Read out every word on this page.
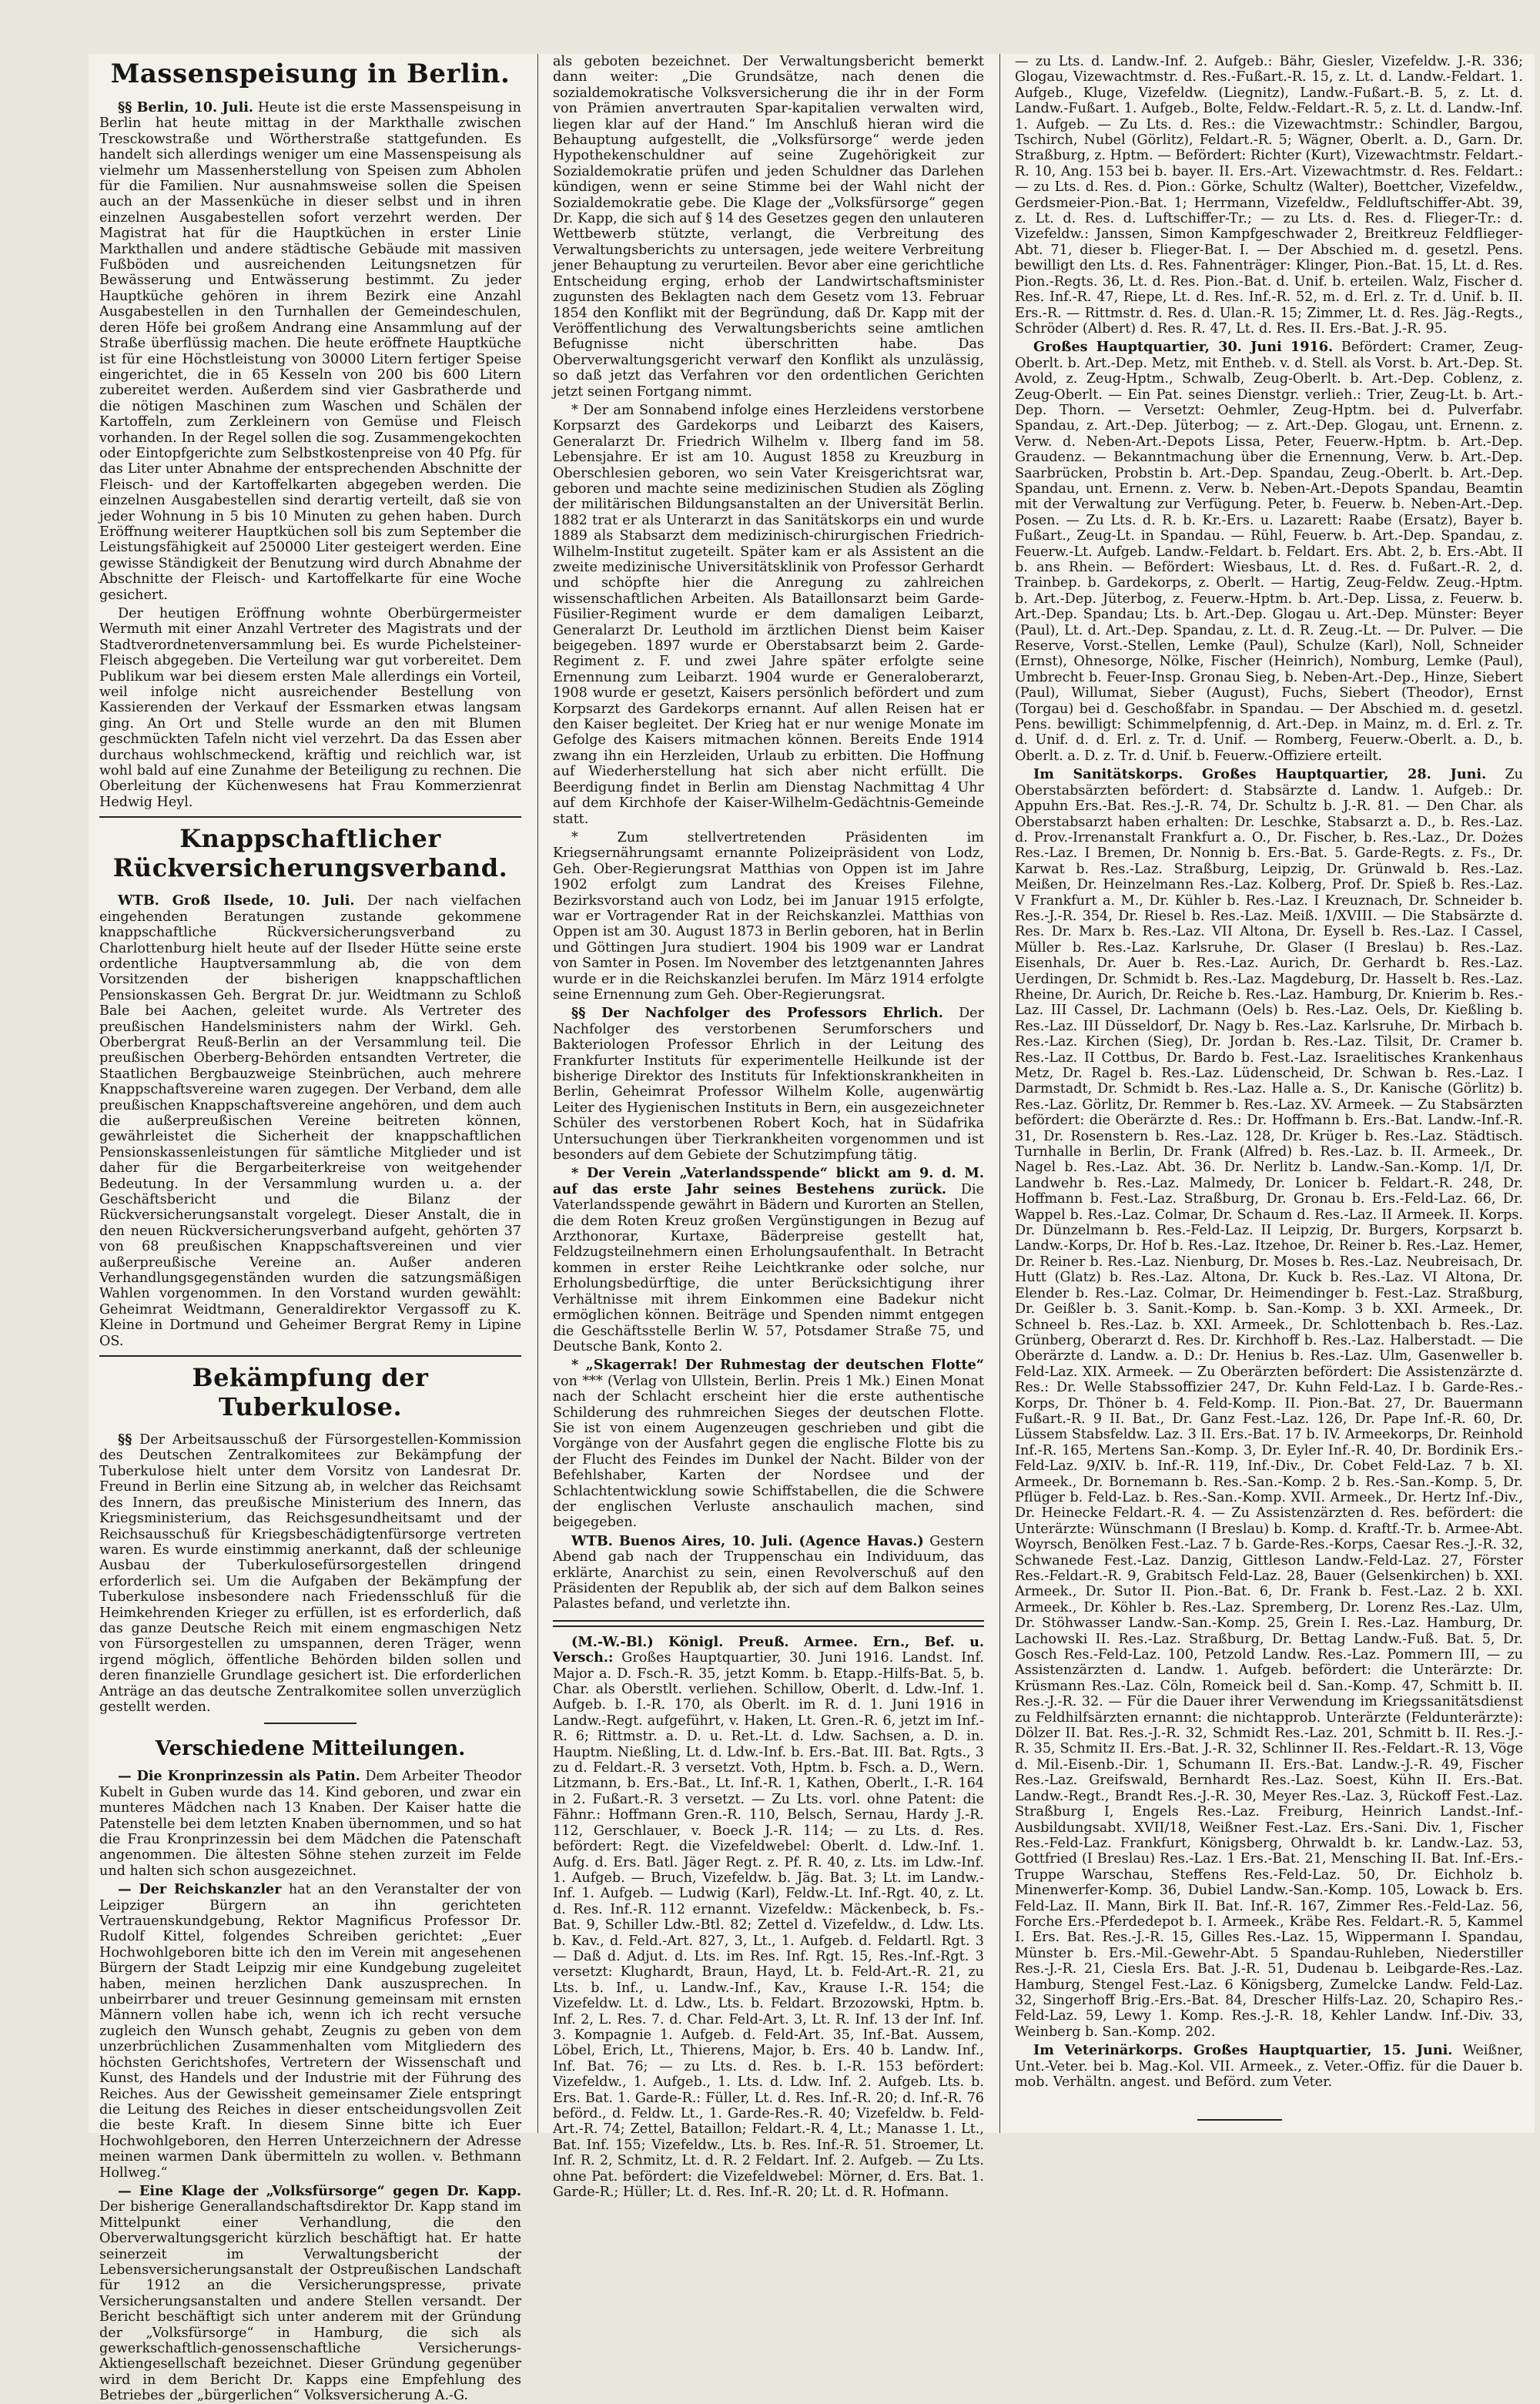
Massenspeisung in Berlin.

§§ Berlin, 10. Juli. Heute ist die erste Massenspeisung in Berlin hat heute mittag in der Markthalle zwischen Tresckowstraße und Wörtherstraße stattgefunden. Es handelt sich allerdings weniger um eine Massenspeisung als vielmehr um Massenherstellung von Speisen zum Abholen für die Familien. Nur ausnahmsweise sollen die Speisen auch an der Massenküche in dieser selbst und in ihren einzelnen Ausgabestellen sofort verzehrt werden. Der Magistrat hat für die Hauptküchen in erster Linie Markthallen und andere städtische Gebäude mit massiven Fußböden und ausreichenden Leitungsnetzen für Bewässerung und Entwässerung bestimmt. Zu jeder Hauptküche gehören in ihrem Bezirk eine Anzahl Ausgabestellen in den Turnhallen der Gemeindeschulen, deren Höfe bei großem Andrang eine Ansammlung auf der Straße überflüssig machen. Die heute eröffnete Hauptküche ist für eine Höchstleistung von 30000 Litern fertiger Speise eingerichtet, die in 65 Kesseln von 200 bis 600 Litern zubereitet werden. Außerdem sind vier Gasbratherde und die nötigen Maschinen zum Waschen und Schälen der Kartoffeln, zum Zerkleinern von Gemüse und Fleisch vorhanden. In der Regel sollen die sog. Zusammengekochten oder Eintopfgerichte zum Selbstkostenpreise von 40 Pfg. für das Liter unter Abnahme der entsprechenden Abschnitte der Fleisch- und der Kartoffelkarten abgegeben werden. Die einzelnen Ausgabestellen sind derartig verteilt, daß sie von jeder Wohnung in 5 bis 10 Minuten zu gehen haben. Durch Eröffnung weiterer Hauptküchen soll bis zum September die Leistungsfähigkeit auf 250000 Liter gesteigert werden. Eine gewisse Ständigkeit der Benutzung wird durch Abnahme der Abschnitte der Fleisch- und Kartoffelkarte für eine Woche gesichert.

Der heutigen Eröffnung wohnte Oberbürgermeister Wermuth mit einer Anzahl Vertreter des Magistrats und der Stadtverordnetenversammlung bei. Es wurde Pichelsteiner-Fleisch abgegeben. Die Verteilung war gut vorbereitet. Dem Publikum war bei diesem ersten Male allerdings ein Vorteil, weil infolge nicht ausreichender Bestellung von Kassierenden der Verkauf der Essmarken etwas langsam ging. An Ort und Stelle wurde an den mit Blumen geschmückten Tafeln nicht viel verzehrt. Da das Essen aber durchaus wohlschmeckend, kräftig und reichlich war, ist wohl bald auf eine Zunahme der Beteiligung zu rechnen. Die Oberleitung der Küchenwesens hat Frau Kommerzienrat Hedwig Heyl.

Knappschaftlicher Rückversicherungsverband.

WTB. Groß Ilsede, 10. Juli. Der nach vielfachen eingehenden Beratungen zustande gekommene knappschaftliche Rückversicherungsverband zu Charlottenburg hielt heute auf der Ilseder Hütte seine erste ordentliche Hauptversammlung ab, die von dem Vorsitzenden der bisherigen knappschaftlichen Pensionskassen Geh. Bergrat Dr. jur. Weidtmann zu Schloß Bale bei Aachen, geleitet wurde. Als Vertreter des preußischen Handelsministers nahm der Wirkl. Geh. Oberbergrat Reuß-Berlin an der Versammlung teil. Die preußischen Oberberg-Behörden entsandten Vertreter, die Staatlichen Bergbauzweige Steinbrüchen, auch mehrere Knappschaftsvereine waren zugegen. Der Verband, dem alle preußischen Knappschaftsvereine angehören, und dem auch die außerpreußischen Vereine beitreten können, gewährleistet die Sicherheit der knappschaftlichen Pensionskassenleistungen für sämtliche Mitglieder und ist daher für die Bergarbeiterkreise von weitgehender Bedeutung. In der Versammlung wurden u. a. der Geschäftsbericht und die Bilanz der Rückversicherungsanstalt vorgelegt. Dieser Anstalt, die in den neuen Rückversicherungsverband aufgeht, gehörten 37 von 68 preußischen Knappschaftsvereinen und vier außerpreußische Vereine an. Außer anderen Verhandlungsgegenständen wurden die satzungsmäßigen Wahlen vorgenommen. In den Vorstand wurden gewählt: Geheimrat Weidtmann, Generaldirektor Vergassoff zu K. Kleine in Dortmund und Geheimer Bergrat Remy in Lipine OS.

Bekämpfung der Tuberkulose.

§§ Der Arbeitsausschuß der Fürsorgestellen-Kommission des Deutschen Zentralkomitees zur Bekämpfung der Tuberkulose hielt unter dem Vorsitz von Landesrat Dr. Freund in Berlin eine Sitzung ab, in welcher das Reichsamt des Innern, das preußische Ministerium des Innern, das Kriegsministerium, das Reichsgesundheitsamt und der Reichsausschuß für Kriegsbeschädigtenfürsorge vertreten waren. Es wurde einstimmig anerkannt, daß der schleunige Ausbau der Tuberkulosefürsorgestellen dringend erforderlich sei. Um die Aufgaben der Bekämpfung der Tuberkulose insbesondere nach Friedensschluß für die Heimkehrenden Krieger zu erfüllen, ist es erforderlich, daß das ganze Deutsche Reich mit einem engmaschigen Netz von Fürsorgestellen zu umspannen, deren Träger, wenn irgend möglich, öffentliche Behörden bilden sollen und deren finanzielle Grundlage gesichert ist. Die erforderlichen Anträge an das deutsche Zentralkomitee sollen unverzüglich gestellt werden.

Verschiedene Mitteilungen.

— Die Kronprinzessin als Patin. Dem Arbeiter Theodor Kubelt in Guben wurde das 14. Kind geboren, und zwar ein munteres Mädchen nach 13 Knaben. Der Kaiser hatte die Patenstelle bei dem letzten Knaben übernommen, und so hat die Frau Kronprinzessin bei dem Mädchen die Patenschaft angenommen. Die ältesten Söhne stehen zurzeit im Felde und halten sich schon ausgezeichnet.

— Der Reichskanzler hat an den Veranstalter der von Leipziger Bürgern an ihn gerichteten Vertrauenskundgebung, Rektor Magnificus Professor Dr. Rudolf Kittel, folgendes Schreiben gerichtet: „Euer Hochwohlgeboren bitte ich den im Verein mit angesehenen Bürgern der Stadt Leipzig mir eine Kundgebung zugeleitet haben, meinen herzlichen Dank auszusprechen. In unbeirrbarer und treuer Gesinnung gemeinsam mit ernsten Männern vollen habe ich, wenn ich ich recht versuche zugleich den Wunsch gehabt, Zeugnis zu geben von dem unzerbrüchlichen Zusammenhalten vom Mitgliedern des höchsten Gerichtshofes, Vertretern der Wissenschaft und Kunst, des Handels und der Industrie mit der Führung des Reiches. Aus der Gewissheit gemeinsamer Ziele entspringt die Leitung des Reiches in dieser entscheidungsvollen Zeit die beste Kraft. In diesem Sinne bitte ich Euer Hochwohlgeboren, den Herren Unterzeichnern der Adresse meinen warmen Dank übermitteln zu wollen. v. Bethmann Hollweg.“

— Eine Klage der „Volksfürsorge“ gegen Dr. Kapp. Der bisherige Generallandschaftsdirektor Dr. Kapp stand im Mittelpunkt einer Verhandlung, die den Oberverwaltungsgericht kürzlich beschäftigt hat. Er hatte seinerzeit im Verwaltungsbericht der Lebensversicherungsanstalt der Ostpreußischen Landschaft für 1912 an die Versicherungspresse, private Versicherungsanstalten und andere Stellen versandt. Der Bericht beschäftigt sich unter anderem mit der Gründung der „Volksfürsorge“ in Hamburg, die sich als gewerkschaftlich-genossenschaftliche Versicherungs-Aktiengesellschaft bezeichnet. Dieser Gründung gegenüber wird in dem Bericht Dr. Kapps eine Empfehlung des Betriebes der „bürgerlichen“ Volksversicherung A.-G.

als geboten bezeichnet. Der Verwaltungsbericht bemerkt dann weiter: „Die Grundsätze, nach denen die sozialdemokratische Volksversicherung die ihr in der Form von Prämien anvertrauten Spar-kapitalien verwalten wird, liegen klar auf der Hand.“ Im Anschluß hieran wird die Behauptung aufgestellt, die „Volksfürsorge“ werde jeden Hypothekenschuldner auf seine Zugehörigkeit zur Sozialdemokratie prüfen und jeden Schuldner das Darlehen kündigen, wenn er seine Stimme bei der Wahl nicht der Sozialdemokratie gebe. Die Klage der „Volksfürsorge“ gegen Dr. Kapp, die sich auf § 14 des Gesetzes gegen den unlauteren Wettbewerb stützte, verlangt, die Verbreitung des Verwaltungsberichts zu untersagen, jede weitere Verbreitung jener Behauptung zu verurteilen. Bevor aber eine gerichtliche Entscheidung erging, erhob der Landwirtschaftsminister zugunsten des Beklagten nach dem Gesetz vom 13. Februar 1854 den Konflikt mit der Begründung, daß Dr. Kapp mit der Veröffentlichung des Verwaltungsberichts seine amtlichen Befugnisse nicht überschritten habe. Das Oberverwaltungsgericht verwarf den Konflikt als unzulässig, so daß jetzt das Verfahren vor den ordentlichen Gerichten jetzt seinen Fortgang nimmt.

* Der am Sonnabend infolge eines Herzleidens verstorbene Korpsarzt des Gardekorps und Leibarzt des Kaisers, Generalarzt Dr. Friedrich Wilhelm v. Ilberg fand im 58. Lebensjahre. Er ist am 10. August 1858 zu Kreuzburg in Oberschlesien geboren, wo sein Vater Kreisgerichtsrat war, geboren und machte seine medizinischen Studien als Zögling der militärischen Bildungsanstalten an der Universität Berlin. 1882 trat er als Unterarzt in das Sanitätskorps ein und wurde 1889 als Stabsarzt dem medizinisch-chirurgischen Friedrich-Wilhelm-Institut zugeteilt. Später kam er als Assistent an die zweite medizinische Universitätsklinik von Professor Gerhardt und schöpfte hier die Anregung zu zahlreichen wissenschaftlichen Arbeiten. Als Bataillonsarzt beim Garde-Füsilier-Regiment wurde er dem damaligen Leibarzt, Generalarzt Dr. Leuthold im ärztlichen Dienst beim Kaiser beigegeben. 1897 wurde er Oberstabsarzt beim 2. Garde-Regiment z. F. und zwei Jahre später erfolgte seine Ernennung zum Leibarzt. 1904 wurde er Generaloberarzt, 1908 wurde er gesetzt, Kaisers persönlich befördert und zum Korpsarzt des Gardekorps ernannt. Auf allen Reisen hat er den Kaiser begleitet. Der Krieg hat er nur wenige Monate im Gefolge des Kaisers mitmachen können. Bereits Ende 1914 zwang ihn ein Herzleiden, Urlaub zu erbitten. Die Hoffnung auf Wiederherstellung hat sich aber nicht erfüllt. Die Beerdigung findet in Berlin am Dienstag Nachmittag 4 Uhr auf dem Kirchhofe der Kaiser-Wilhelm-Gedächtnis-Gemeinde statt.

* Zum stellvertretenden Präsidenten im Kriegsernährungsamt ernannte Polizeipräsident von Lodz, Geh. Ober-Regierungsrat Matthias von Oppen ist im Jahre 1902 erfolgt zum Landrat des Kreises Filehne, Bezirksvorstand auch von Lodz, bei im Januar 1915 erfolgte, war er Vortragender Rat in der Reichskanzlei. Matthias von Oppen ist am 30. August 1873 in Berlin geboren, hat in Berlin und Göttingen Jura studiert. 1904 bis 1909 war er Landrat von Samter in Posen. Im November des letztgenannten Jahres wurde er in die Reichskanzlei berufen. Im März 1914 erfolgte seine Ernennung zum Geh. Ober-Regierungsrat.

§§ Der Nachfolger des Professors Ehrlich. Der Nachfolger des verstorbenen Serumforschers und Bakteriologen Professor Ehrlich in der Leitung des Frankfurter Instituts für experimentelle Heilkunde ist der bisherige Direktor des Instituts für Infektionskrankheiten in Berlin, Geheimrat Professor Wilhelm Kolle, augenwärtig Leiter des Hygienischen Instituts in Bern, ein ausgezeichneter Schüler des verstorbenen Robert Koch, hat in Südafrika Untersuchungen über Tierkrankheiten vorgenommen und ist besonders auf dem Gebiete der Schutzimpfung tätig.

* Der Verein „Vaterlandsspende“ blickt am 9. d. M. auf das erste Jahr seines Bestehens zurück. Die Vaterlandsspende gewährt in Bädern und Kurorten an Stellen, die dem Roten Kreuz großen Vergünstigungen in Bezug auf Arzthonorar, Kurtaxe, Bäderpreise gestellt hat, Feldzugsteilnehmern einen Erholungsaufenthalt. In Betracht kommen in erster Reihe Leichtkranke oder solche, nur Erholungsbedürftige, die unter Berücksichtigung ihrer Verhältnisse mit ihrem Einkommen eine Badekur nicht ermöglichen können. Beiträge und Spenden nimmt entgegen die Geschäftsstelle Berlin W. 57, Potsdamer Straße 75, und Deutsche Bank, Konto 2.

* „Skagerrak! Der Ruhmestag der deutschen Flotte“ von *** (Verlag von Ullstein, Berlin. Preis 1 Mk.) Einen Monat nach der Schlacht erscheint hier die erste authentische Schilderung des ruhmreichen Sieges der deutschen Flotte. Sie ist von einem Augenzeugen geschrieben und gibt die Vorgänge von der Ausfahrt gegen die englische Flotte bis zu der Flucht des Feindes im Dunkel der Nacht. Bilder von der Befehlshaber, Karten der Nordsee und der Schlachtentwicklung sowie Schiffstabellen, die die Schwere der englischen Verluste anschaulich machen, sind beigegeben.

WTB. Buenos Aires, 10. Juli. (Agence Havas.) Gestern Abend gab nach der Truppenschau ein Individuum, das erklärte, Anarchist zu sein, einen Revolverschuß auf den Präsidenten der Republik ab, der sich auf dem Balkon seines Palastes befand, und verletzte ihn.

(M.-W.-Bl.) Königl. Preuß. Armee. Ern., Bef. u. Versch.: Großes Hauptquartier, 30. Juni 1916. Landst. Inf. Major a. D. Fsch.-R. 35, jetzt Komm. b. Etapp.-Hilfs-Bat. 5, b. Char. als Oberstlt. verliehen. Schillow, Oberlt. d. Ldw.-Inf. 1. Aufgeb. b. I.-R. 170, als Oberlt. im R. d. 1. Juni 1916 in Landw.-Regt. aufgeführt, v. Haken, Lt. Gren.-R. 6, jetzt im Inf.-R. 6; Rittmstr. a. D. u. Ret.-Lt. d. Ldw. Sachsen, a. D. in. Hauptm. Nießling, Lt. d. Ldw.-Inf. b. Ers.-Bat. III. Bat. Rgts., 3 zu d. Feldart.-R. 3 versetzt. Voth, Hptm. b. Fsch. a. D., Wern. Litzmann, b. Ers.-Bat., Lt. Inf.-R. 1, Kathen, Oberlt., I.-R. 164 in 2. Fußart.-R. 3 versetzt. — Zu Lts. vorl. ohne Patent: die Fähnr.: Hoffmann Gren.-R. 110, Belsch, Sernau, Hardy J.-R. 112, Gerschlauer, v. Boeck J.-R. 114; — zu Lts. d. Res. befördert: Regt. die Vizefeldwebel: Oberlt. d. Ldw.-Inf. 1. Aufg. d. Ers. Batl. Jäger Regt. z. Pf. R. 40, z. Lts. im Ldw.-Inf. 1. Aufgeb. — Bruch, Vizefeldw. b. Jäg. Bat. 3; Lt. im Landw.-Inf. 1. Aufgeb. — Ludwig (Karl), Feldw.-Lt. Inf.-Rgt. 40, z. Lt. d. Res. Inf.-R. 112 ernannt. Vizefeldw.: Mäckenbeck, b. Fs.-Bat. 9, Schiller Ldw.-Btl. 82; Zettel d. Vizefeldw., d. Ldw. Lts. b. Kav., d. Feld.-Art. 827, 3, Lt., 1. Aufgeb. d. Feldartl. Rgt. 3 — Daß d. Adjut. d. Lts. im Res. Inf. Rgt. 15, Res.-Inf.-Rgt. 3 versetzt: Klughardt, Braun, Hayd, Lt. b. Feld-Art.-R. 21, zu Lts. b. Inf., u. Landw.-Inf., Kav., Krause I.-R. 154; die Vizefeldw. Lt. d. Ldw., Lts. b. Feldart. Brzozowski, Hptm. b. Inf. 2, L. Res. 7. d. Char. Feld-Art. 3, Lt. R. Inf. 13 der Inf. Inf. 3. Kompagnie 1. Aufgeb. d. Feld-Art. 35, Inf.-Bat. Aussem, Löbel, Erich, Lt., Thierens, Major, b. Ers. 40 b. Landw. Inf., Inf. Bat. 76; — zu Lts. d. Res. b. I.-R. 153 befördert: Vizefeldw., 1. Aufgeb., 1. Lts. d. Ldw. Inf. 2. Aufgeb. Lts. b. Ers. Bat. 1. Garde-R.: Füller, Lt. d. Res. Inf.-R. 20; d. Inf.-R. 76 beförd., d. Feldw. Lt., 1. Garde-Res.-R. 40; Vizefeldw. b. Feld-Art.-R. 74; Zettel, Bataillon; Feldart.-R. 4, Lt.; Manasse 1. Lt., Bat. Inf. 155; Vizefeldw., Lts. b. Res. Inf.-R. 51. Stroemer, Lt. Inf. R. 2, Schmitz, Lt. d. R. 2 Feldart. Inf. 2. Aufgeb. — Zu Lts. ohne Pat. befördert: die Vizefeldwebel: Mörner, d. Ers. Bat. 1. Garde-R.; Hüller; Lt. d. Res. Inf.-R. 20; Lt. d. R. Hofmann.

— zu Lts. d. Landw.-Inf. 2. Aufgeb.: Bähr, Giesler, Vizefeldw. J.-R. 336; Glogau, Vizewachtmstr. d. Res.-Fußart.-R. 15, z. Lt. d. Landw.-Feldart. 1. Aufgeb., Kluge, Vizefeldw. (Liegnitz), Landw.-Fußart.-B. 5, z. Lt. d. Landw.-Fußart. 1. Aufgeb., Bolte, Feldw.-Feldart.-R. 5, z. Lt. d. Landw.-Inf. 1. Aufgeb. — Zu Lts. d. Res.: die Vizewachtmstr.: Schindler, Bargou, Tschirch, Nubel (Görlitz), Feldart.-R. 5; Wägner, Oberlt. a. D., Garn. Dr. Straßburg, z. Hptm. — Befördert: Richter (Kurt), Vizewachtmstr. Feldart.-R. 10, Ang. 153 bei b. bayer. II. Ers.-Art. Vizewachtmstr. d. Res. Feldart.: — zu Lts. d. Res. d. Pion.: Görke, Schultz (Walter), Boettcher, Vizefeldw., Gerdsmeier-Pion.-Bat. 1; Herrmann, Vizefeldw., Feldluftschiffer-Abt. 39, z. Lt. d. Res. d. Luftschiffer-Tr.; — zu Lts. d. Res. d. Flieger-Tr.: d. Vizefeldw.: Janssen, Simon Kampfgeschwader 2, Breitkreuz Feldflieger-Abt. 71, dieser b. Flieger-Bat. I. — Der Abschied m. d. gesetzl. Pens. bewilligt den Lts. d. Res. Fahnenträger: Klinger, Pion.-Bat. 15, Lt. d. Res. Pion.-Regts. 36, Lt. d. Res. Pion.-Bat. d. Unif. b. erteilen. Walz, Fischer d. Res. Inf.-R. 47, Riepe, Lt. d. Res. Inf.-R. 52, m. d. Erl. z. Tr. d. Unif. b. II. Ers.-R. — Rittmstr. d. Res. d. Ulan.-R. 15; Zimmer, Lt. d. Res. Jäg.-Regts., Schröder (Albert) d. Res. R. 47, Lt. d. Res. II. Ers.-Bat. J.-R. 95.

Großes Hauptquartier, 30. Juni 1916. Befördert: Cramer, Zeug-Oberlt. b. Art.-Dep. Metz, mit Entheb. v. d. Stell. als Vorst. b. Art.-Dep. St. Avold, z. Zeug-Hptm., Schwalb, Zeug-Oberlt. b. Art.-Dep. Coblenz, z. Zeug-Oberlt. — Ein Pat. seines Dienstgr. verlieh.: Trier, Zeug-Lt. b. Art.-Dep. Thorn. — Versetzt: Oehmler, Zeug-Hptm. bei d. Pulverfabr. Spandau, z. Art.-Dep. Jüterbog; — z. Art.-Dep. Glogau, unt. Ernenn. z. Verw. d. Neben-Art.-Depots Lissa, Peter, Feuerw.-Hptm. b. Art.-Dep. Graudenz. — Bekanntmachung über die Ernennung, Verw. b. Art.-Dep. Saarbrücken, Probstin b. Art.-Dep. Spandau, Zeug.-Oberlt. b. Art.-Dep. Spandau, unt. Ernenn. z. Verw. b. Neben-Art.-Depots Spandau, Beamtin mit der Verwaltung zur Verfügung. Peter, b. Feuerw. b. Neben-Art.-Dep. Posen. — Zu Lts. d. R. b. Kr.-Ers. u. Lazarett: Raabe (Ersatz), Bayer b. Fußart., Zeug-Lt. in Spandau. — Rühl, Feuerw. b. Art.-Dep. Spandau, z. Feuerw.-Lt. Aufgeb. Landw.-Feldart. b. Feldart. Ers. Abt. 2, b. Ers.-Abt. II b. ans Rhein. — Befördert: Wiesbaus, Lt. d. Res. d. Fußart.-R. 2, d. Trainbep. b. Gardekorps, z. Oberlt. — Hartig, Zeug-Feldw. Zeug.-Hptm. b. Art.-Dep. Jüterbog, z. Feuerw.-Hptm. b. Art.-Dep. Lissa, z. Feuerw. b. Art.-Dep. Spandau; Lts. b. Art.-Dep. Glogau u. Art.-Dep. Münster: Beyer (Paul), Lt. d. Art.-Dep. Spandau, z. Lt. d. R. Zeug.-Lt. — Dr. Pulver. — Die Reserve, Vorst.-Stellen, Lemke (Paul), Schulze (Karl), Noll, Schneider (Ernst), Ohnesorge, Nölke, Fischer (Heinrich), Nomburg, Lemke (Paul), Umbrecht b. Feuer-Insp. Gronau Sieg, b. Neben-Art.-Dep., Hinze, Siebert (Paul), Willumat, Sieber (August), Fuchs, Siebert (Theodor), Ernst (Torgau) bei d. Geschoßfabr. in Spandau. — Der Abschied m. d. gesetzl. Pens. bewilligt: Schimmelpfennig, d. Art.-Dep. in Mainz, m. d. Erl. z. Tr. d. Unif. d. d. Erl. z. Tr. d. Unif. — Romberg, Feuerw.-Oberlt. a. D., b. Oberlt. a. D. z. Tr. d. Unif. b. Feuerw.-Offiziere erteilt.

Im Sanitätskorps. Großes Hauptquartier, 28. Juni. Zu Oberstabsärzten befördert: d. Stabsärzte d. Landw. 1. Aufgeb.: Dr. Appuhn Ers.-Bat. Res.-J.-R. 74, Dr. Schultz b. J.-R. 81. — Den Char. als Oberstabsarzt haben erhalten: Dr. Leschke, Stabsarzt a. D., b. Res.-Laz. d. Prov.-Irrenanstalt Frankfurt a. O., Dr. Fischer, b. Res.-Laz., Dr. Dożes Res.-Laz. I Bremen, Dr. Nonnig b. Ers.-Bat. 5. Garde-Regts. z. Fs., Dr. Karwat b. Res.-Laz. Straßburg, Leipzig, Dr. Grünwald b. Res.-Laz. Meißen, Dr. Heinzelmann Res.-Laz. Kolberg, Prof. Dr. Spieß b. Res.-Laz. V Frankfurt a. M., Dr. Kühler b. Res.-Laz. I Kreuznach, Dr. Schneider b. Res.-J.-R. 354, Dr. Riesel b. Res.-Laz. Meiß. 1/XVIII. — Die Stabsärzte d. Res. Dr. Marx b. Res.-Laz. VII Altona, Dr. Eysell b. Res.-Laz. I Cassel, Müller b. Res.-Laz. Karlsruhe, Dr. Glaser (I Breslau) b. Res.-Laz. Eisenhals, Dr. Auer b. Res.-Laz. Aurich, Dr. Gerhardt b. Res.-Laz. Uerdingen, Dr. Schmidt b. Res.-Laz. Magdeburg, Dr. Hasselt b. Res.-Laz. Rheine, Dr. Aurich, Dr. Reiche b. Res.-Laz. Hamburg, Dr. Knierim b. Res.-Laz. III Cassel, Dr. Lachmann (Oels) b. Res.-Laz. Oels, Dr. Kießling b. Res.-Laz. III Düsseldorf, Dr. Nagy b. Res.-Laz. Karlsruhe, Dr. Mirbach b. Res.-Laz. Kirchen (Sieg), Dr. Jordan b. Res.-Laz. Tilsit, Dr. Cramer b. Res.-Laz. II Cottbus, Dr. Bardo b. Fest.-Laz. Israelitisches Krankenhaus Metz, Dr. Ragel b. Res.-Laz. Lüdenscheid, Dr. Schwan b. Res.-Laz. I Darmstadt, Dr. Schmidt b. Res.-Laz. Halle a. S., Dr. Kanische (Görlitz) b. Res.-Laz. Görlitz, Dr. Remmer b. Res.-Laz. XV. Armeek. — Zu Stabsärzten befördert: die Oberärzte d. Res.: Dr. Hoffmann b. Ers.-Bat. Landw.-Inf.-R. 31, Dr. Rosenstern b. Res.-Laz. 128, Dr. Krüger b. Res.-Laz. Städtisch. Turnhalle in Berlin, Dr. Frank (Alfred) b. Res.-Laz. b. II. Armeek., Dr. Nagel b. Res.-Laz. Abt. 36. Dr. Nerlitz b. Landw.-San.-Komp. 1/I, Dr. Landwehr b. Res.-Laz. Malmedy, Dr. Lonicer b. Feldart.-R. 248, Dr. Hoffmann b. Fest.-Laz. Straßburg, Dr. Gronau b. Ers.-Feld-Laz. 66, Dr. Wappel b. Res.-Laz. Colmar, Dr. Schaum d. Res.-Laz. II Armeek. II. Korps. Dr. Dünzelmann b. Res.-Feld-Laz. II Leipzig, Dr. Burgers, Korpsarzt b. Landw.-Korps, Dr. Hof b. Res.-Laz. Itzehoe, Dr. Reiner b. Res.-Laz. Hemer, Dr. Reiner b. Res.-Laz. Nienburg, Dr. Moses b. Res.-Laz. Neubreisach, Dr. Hutt (Glatz) b. Res.-Laz. Altona, Dr. Kuck b. Res.-Laz. VI Altona, Dr. Elender b. Res.-Laz. Colmar, Dr. Heimendinger b. Fest.-Laz. Straßburg, Dr. Geißler b. 3. Sanit.-Komp. b. San.-Komp. 3 b. XXI. Armeek., Dr. Schneel b. Res.-Laz. b. XXI. Armeek., Dr. Schlottenbach b. Res.-Laz. Grünberg, Oberarzt d. Res. Dr. Kirchhoff b. Res.-Laz. Halberstadt. — Die Oberärzte d. Landw. a. D.: Dr. Henius b. Res.-Laz. Ulm, Gasenweller b. Feld-Laz. XIX. Armeek. — Zu Oberärzten befördert: Die Assistenzärzte d. Res.: Dr. Welle Stabssoffizier 247, Dr. Kuhn Feld-Laz. I b. Garde-Res.-Korps, Dr. Thöner b. 4. Feld-Komp. II. Pion.-Bat. 27, Dr. Bauermann Fußart.-R. 9 II. Bat., Dr. Ganz Fest.-Laz. 126, Dr. Pape Inf.-R. 60, Dr. Lüssem Stabsfeldw. Laz. 3 II. Ers.-Bat. 17 b. IV. Armeekorps, Dr. Reinhold Inf.-R. 165, Mertens San.-Komp. 3, Dr. Eyler Inf.-R. 40, Dr. Bordinik Ers.-Feld-Laz. 9/XIV. b. Inf.-R. 119, Inf.-Div., Dr. Cobet Feld-Laz. 7 b. XI. Armeek., Dr. Bornemann b. Res.-San.-Komp. 2 b. Res.-San.-Komp. 5, Dr. Pflüger b. Feld-Laz. b. Res.-San.-Komp. XVII. Armeek., Dr. Hertz Inf.-Div., Dr. Heinecke Feldart.-R. 4. — Zu Assistenzärzten d. Res. befördert: die Unterärzte: Wünschmann (I Breslau) b. Komp. d. Kraftf.-Tr. b. Armee-Abt. Woyrsch, Benölken Fest.-Laz. 7 b. Garde-Res.-Korps, Caesar Res.-J.-R. 32, Schwanede Fest.-Laz. Danzig, Gittleson Landw.-Feld-Laz. 27, Förster Res.-Feldart.-R. 9, Grabitsch Feld-Laz. 28, Bauer (Gelsenkirchen) b. XXI. Armeek., Dr. Sutor II. Pion.-Bat. 6, Dr. Frank b. Fest.-Laz. 2 b. XXI. Armeek., Dr. Köhler b. Res.-Laz. Spremberg, Dr. Lorenz Res.-Laz. Ulm, Dr. Stöhwasser Landw.-San.-Komp. 25, Grein I. Res.-Laz. Hamburg, Dr. Lachowski II. Res.-Laz. Straßburg, Dr. Bettag Landw.-Fuß. Bat. 5, Dr. Gosch Res.-Feld-Laz. 100, Petzold Landw. Res.-Laz. Pommern III, — zu Assistenzärzten d. Landw. 1. Aufgeb. befördert: die Unterärzte: Dr. Krüsmann Res.-Laz. Cöln, Romeick beil d. San.-Komp. 47, Schmitt b. II. Res.-J.-R. 32. — Für die Dauer ihrer Verwendung im Kriegssanitätsdienst zu Feldhilfsärzten ernannt: die nichtapprob. Unterärzte (Feldunterärzte): Dölzer II. Bat. Res.-J.-R. 32, Schmidt Res.-Laz. 201, Schmitt b. II. Res.-J.-R. 35, Schmitz II. Ers.-Bat. J.-R. 32, Schlinner II. Res.-Feldart.-R. 13, Vöge d. Mil.-Eisenb.-Dir. 1, Schumann II. Ers.-Bat. Landw.-J.-R. 49, Fischer Res.-Laz. Greifswald, Bernhardt Res.-Laz. Soest, Kühn II. Ers.-Bat. Landw.-Regt., Brandt Res.-J.-R. 30, Meyer Res.-Laz. 3, Rückoff Fest.-Laz. Straßburg I, Engels Res.-Laz. Freiburg, Heinrich Landst.-Inf.-Ausbildungsabt. XVII/18, Weißner Fest.-Laz. Ers.-Sani. Div. 1, Fischer Res.-Feld-Laz. Frankfurt, Königsberg, Ohrwaldt b. kr. Landw.-Laz. 53, Gottfried (I Breslau) Res.-Laz. 1 Ers.-Bat. 21, Mensching II. Bat. Inf.-Ers.-Truppe Warschau, Steffens Res.-Feld-Laz. 50, Dr. Eichholz b. Minenwerfer-Komp. 36, Dubiel Landw.-San.-Komp. 105, Lowack b. Ers. Feld-Laz. II. Mann, Birk II. Bat. Inf.-R. 167, Zimmer Res.-Feld-Laz. 56, Forche Ers.-Pferdedepot b. I. Armeek., Kräbe Res. Feldart.-R. 5, Kammel I. Ers. Bat. Res.-J.-R. 15, Gilles Res.-Laz. 15, Wippermann I. Spandau, Münster b. Ers.-Mil.-Gewehr-Abt. 5 Spandau-Ruhleben, Niederstiller Res.-J.-R. 21, Ciesla Ers. Bat. J.-R. 51, Dudenau b. Leibgarde-Res.-Laz. Hamburg, Stengel Fest.-Laz. 6 Königsberg, Zumelcke Landw. Feld-Laz. 32, Singerhoff Brig.-Ers.-Bat. 84, Drescher Hilfs-Laz. 20, Schapiro Res.-Feld-Laz. 59, Lewy 1. Komp. Res.-J.-R. 18, Kehler Landw. Inf.-Div. 33, Weinberg b. San.-Komp. 202.

Im Veterinärkorps. Großes Hauptquartier, 15. Juni. Weißner, Unt.-Veter. bei b. Mag.-Kol. VII. Armeek., z. Veter.-Offiz. für die Dauer b. mob. Verhältn. angest. und Beförd. zum Veter.
